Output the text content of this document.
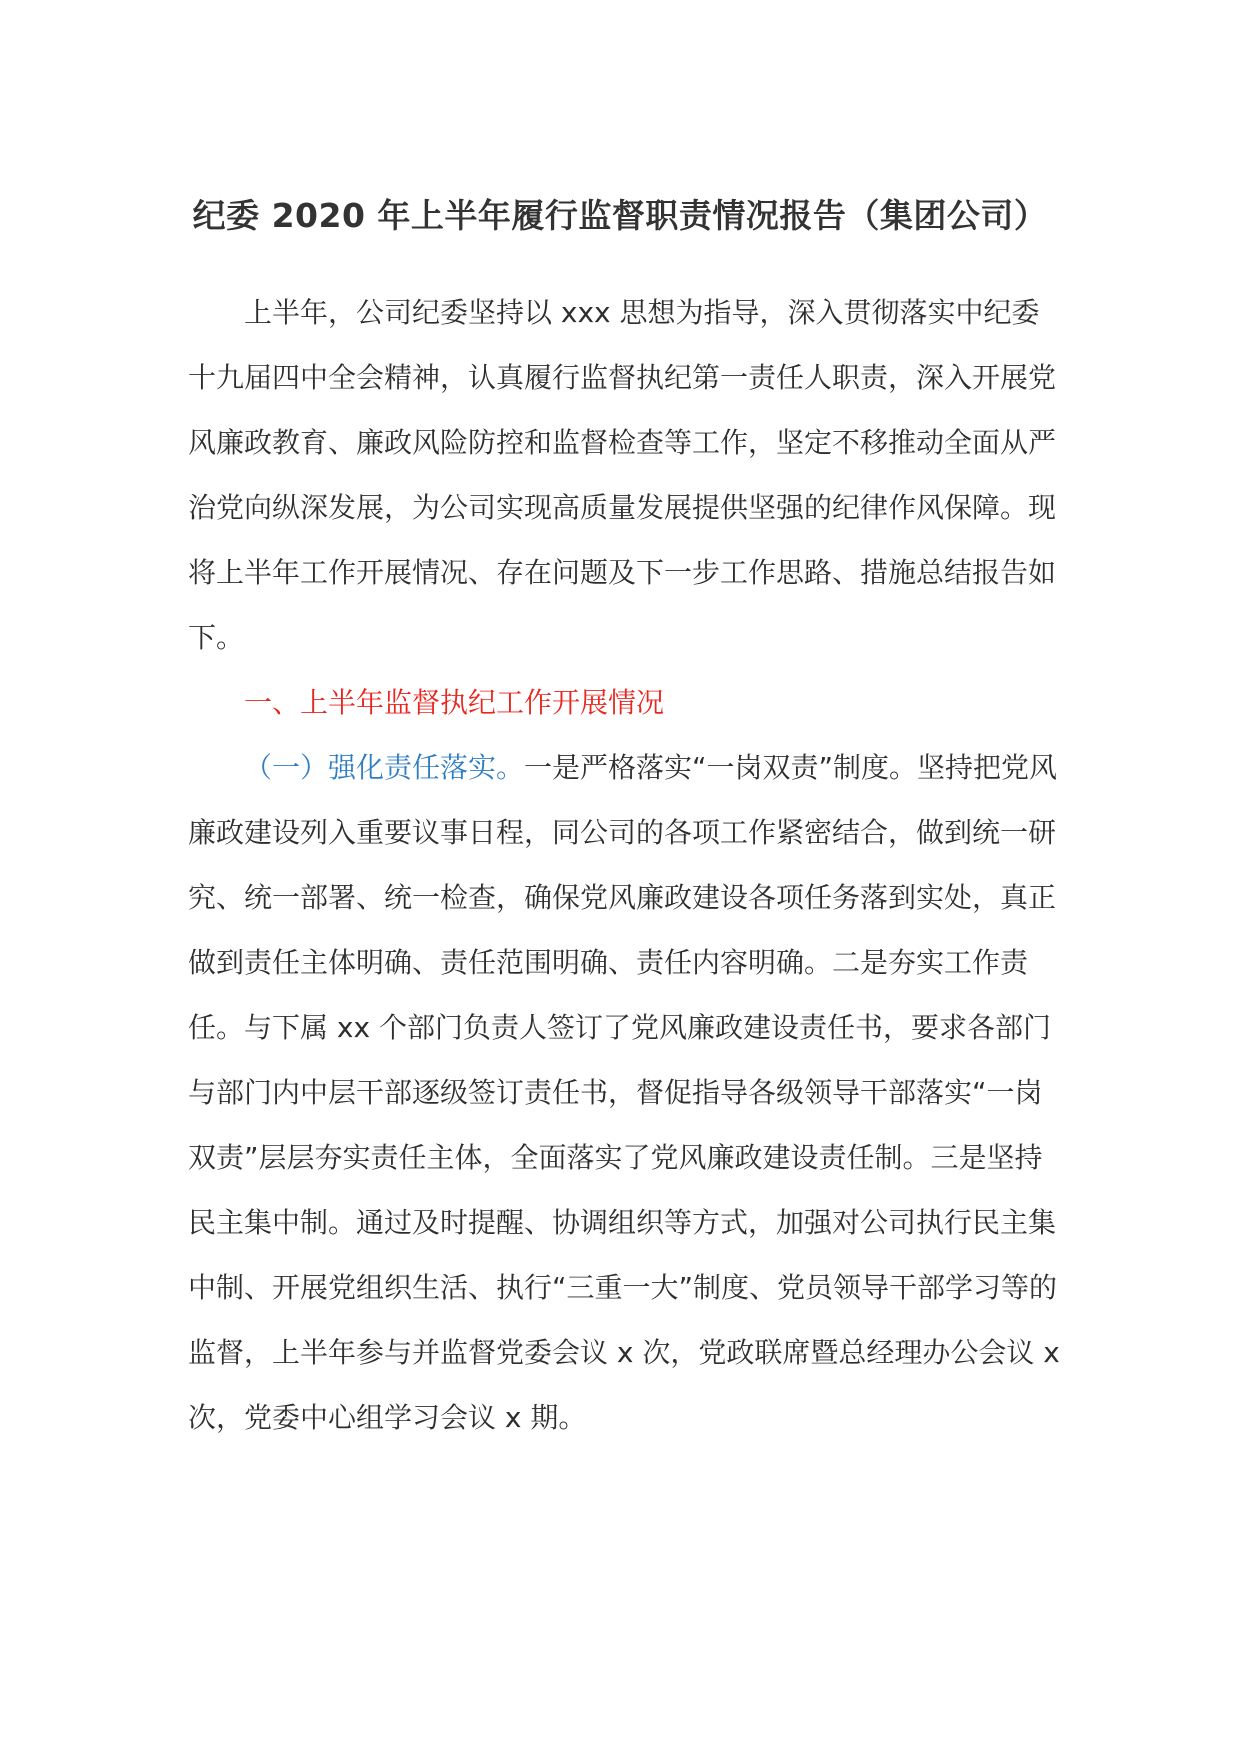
纪委 2020 年上半年履行监督职责情况报告（集团公司）

上半年，公司纪委坚持以 xxx 思想为指导，深入贯彻落实中纪委十九届四中全会精神，认真履行监督执纪第一责任人职责，深入开展党风廉政教育、廉政风险防控和监督检查等工作，坚定不移推动全面从严治党向纵深发展，为公司实现高质量发展提供坚强的纪律作风保障。现将上半年工作开展情况、存在问题及下一步工作思路、措施总结报告如下。

一、上半年监督执纪工作开展情况

（一）强化责任落实。一是严格落实“一岗双责”制度。坚持把党风廉政建设列入重要议事日程，同公司的各项工作紧密结合，做到统一研究、统一部署、统一检查，确保党风廉政建设各项任务落到实处，真正做到责任主体明确、责任范围明确、责任内容明确。二是夯实工作责任。与下属 xx 个部门负责人签订了党风廉政建设责任书，要求各部门与部门内中层干部逐级签订责任书，督促指导各级领导干部落实“一岗双责”层层夯实责任主体，全面落实了党风廉政建设责任制。三是坚持民主集中制。通过及时提醒、协调组织等方式，加强对公司执行民主集中制、开展党组织生活、执行“三重一大”制度、党员领导干部学习等的监督，上半年参与并监督党委会议 x 次，党政联席暨总经理办公会议 x 次，党委中心组学习会议 x 期。
